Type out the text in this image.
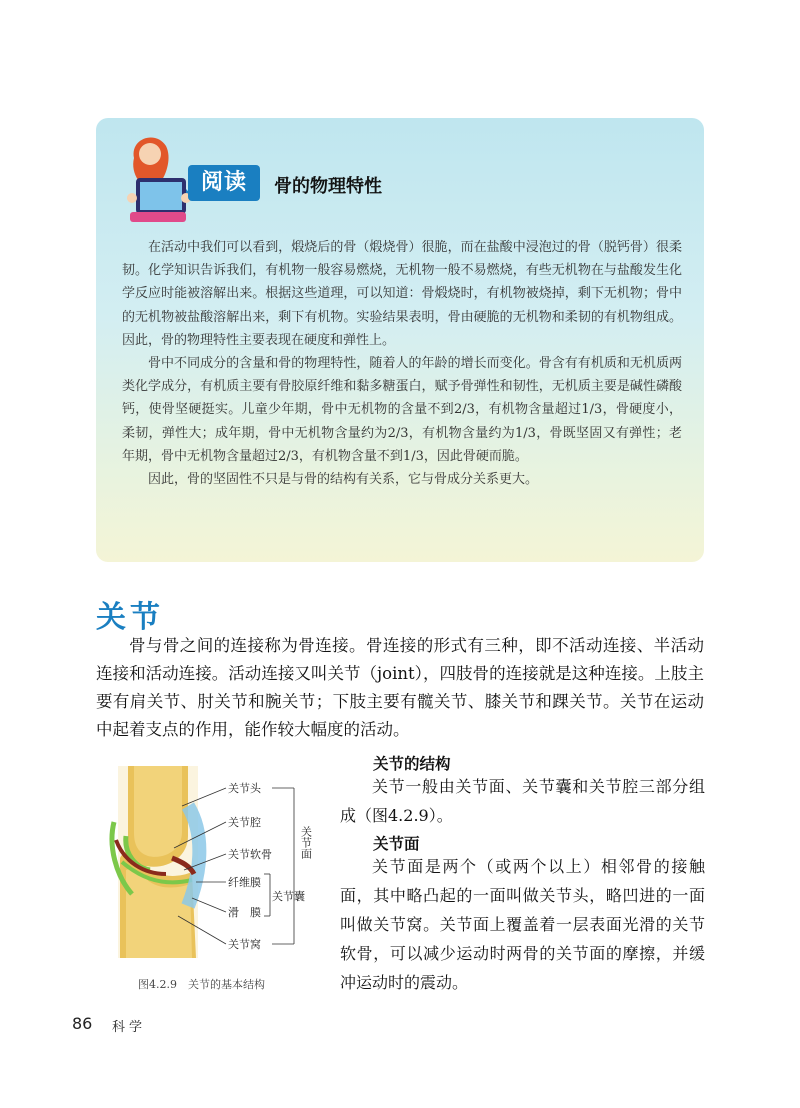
阅读	骨的物理特性

在活动中我们可以看到，煅烧后的骨（煅烧骨）很脆，而在盐酸中浸泡过的骨（脱钙骨）很柔韧。化学知识告诉我们，有机物一般容易燃烧，无机物一般不易燃烧，有些无机物在与盐酸发生化学反应时能被溶解出来。根据这些道理，可以知道：骨煅烧时，有机物被烧掉，剩下无机物；骨中的无机物被盐酸溶解出来，剩下有机物。实验结果表明，骨由硬脆的无机物和柔韧的有机物组成。因此，骨的物理特性主要表现在硬度和弹性上。

骨中不同成分的含量和骨的物理特性，随着人的年龄的增长而变化。骨含有有机质和无机质两类化学成分，有机质主要有骨胶原纤维和黏多糖蛋白，赋予骨弹性和韧性，无机质主要是碱性磷酸钙，使骨坚硬挺实。儿童少年期，骨中无机物的含量不到2/3，有机物含量超过1/3，骨硬度小，柔韧，弹性大；成年期，骨中无机物含量约为2/3，有机物含量约为1/3，骨既坚固又有弹性；老年期，骨中无机物含量超过2/3，有机物含量不到1/3，因此骨硬而脆。

因此，骨的坚固性不只是与骨的结构有关系，它与骨成分关系更大。

关节

骨与骨之间的连接称为骨连接。骨连接的形式有三种，即不活动连接、半活动连接和活动连接。活动连接又叫关节（joint），四肢骨的连接就是这种连接。上肢主要有肩关节、肘关节和腕关节；下肢主要有髋关节、膝关节和踝关节。关节在运动中起着支点的作用，能作较大幅度的活动。

关节头
关节腔
关节软骨
纤维膜
滑　膜
关节窝
关节囊
关节面
图4.2.9　关节的基本结构
关节的结构

关节一般由关节面、关节囊和关节腔三部分组成（图4.2.9）。

关节面

关节面是两个（或两个以上）相邻骨的接触面，其中略凸起的一面叫做关节头，略凹进的一面叫做关节窝。关节面上覆盖着一层表面光滑的关节软骨，可以减少运动时两骨的关节面的摩擦，并缓冲运动时的震动。

86 科学
